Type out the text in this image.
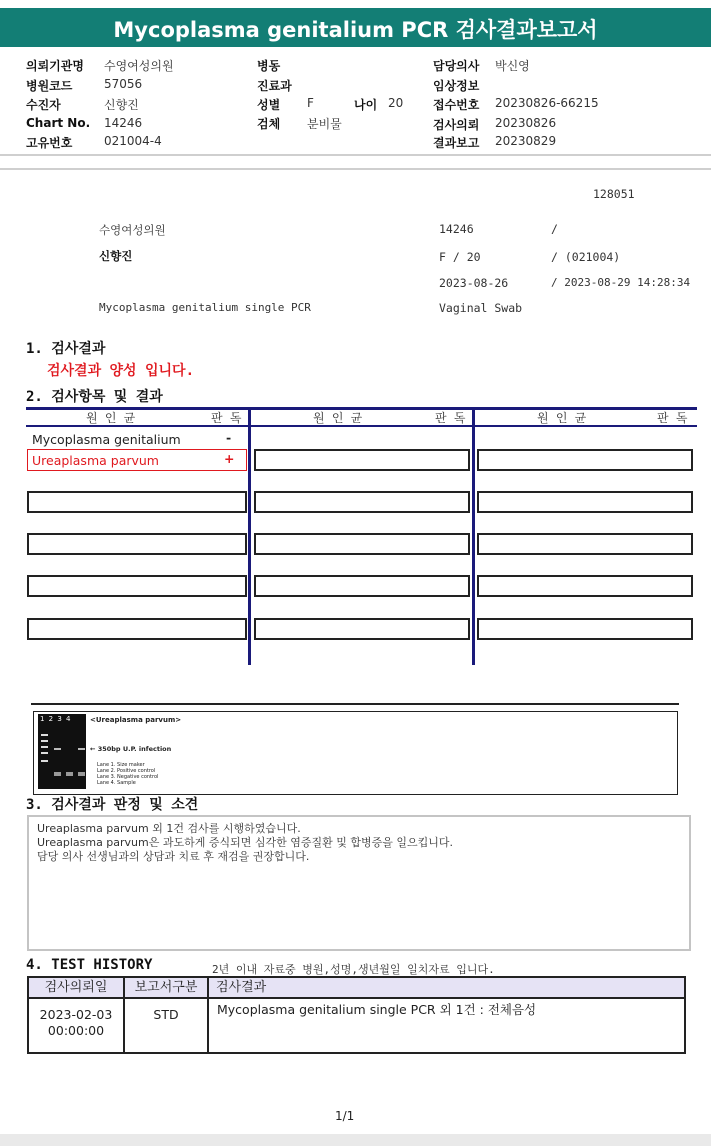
Mycoplasma genitalium PCR 검사결과보고서
의뢰기관명 수영여성의원
병원코드	57056
수진자	신향진
Chart No. 14246
고유번호	021004-4
병동
진료과
성별 F	나이 20
검체 분비물
담당의사 박신영
임상정보
접수번호 20230826-66215
검사의뢰 20230826
결과보고 20230829
128051
수영여성의원	14246	/
신향진	F / 20	/ (021004)
2023-08-26	/ 2023-08-29 14:28:34
Mycoplasma genitalium single PCR	Vaginal Swab
1. 검사결과
검사결과 양성 입니다.
2. 검사항목 및 결과
원 인 균	판 독	원 인 균	판 독	원 인 균	판 독
Mycoplasma genitalium	-
Ureaplasma parvum	+
1 2 3 4	<Ureaplasma parvum>
← 350bp U.P. infection
Lane 1. Size maker
Lane 2. Positive control
Lane 3. Negative control
Lane 4. Sample
3. 검사결과 판정 및 소견
Ureaplasma parvum 외 1건 검사를 시행하였습니다.
Ureaplasma parvum은 과도하게 증식되면 심각한 염증질환 및 합병증을 일으킵니다.
담당 의사 선생님과의 상담과 치료 후 재검을 권장합니다.
4. TEST HISTORY	2년 이내 자료중 병원,성명,생년월일 일치자료 입니다.
검사의뢰일	보고서구분	검사결과
2023-02-03
00:00:00
STD	Mycoplasma genitalium single PCR 외 1건 : 전체음성
1/1
